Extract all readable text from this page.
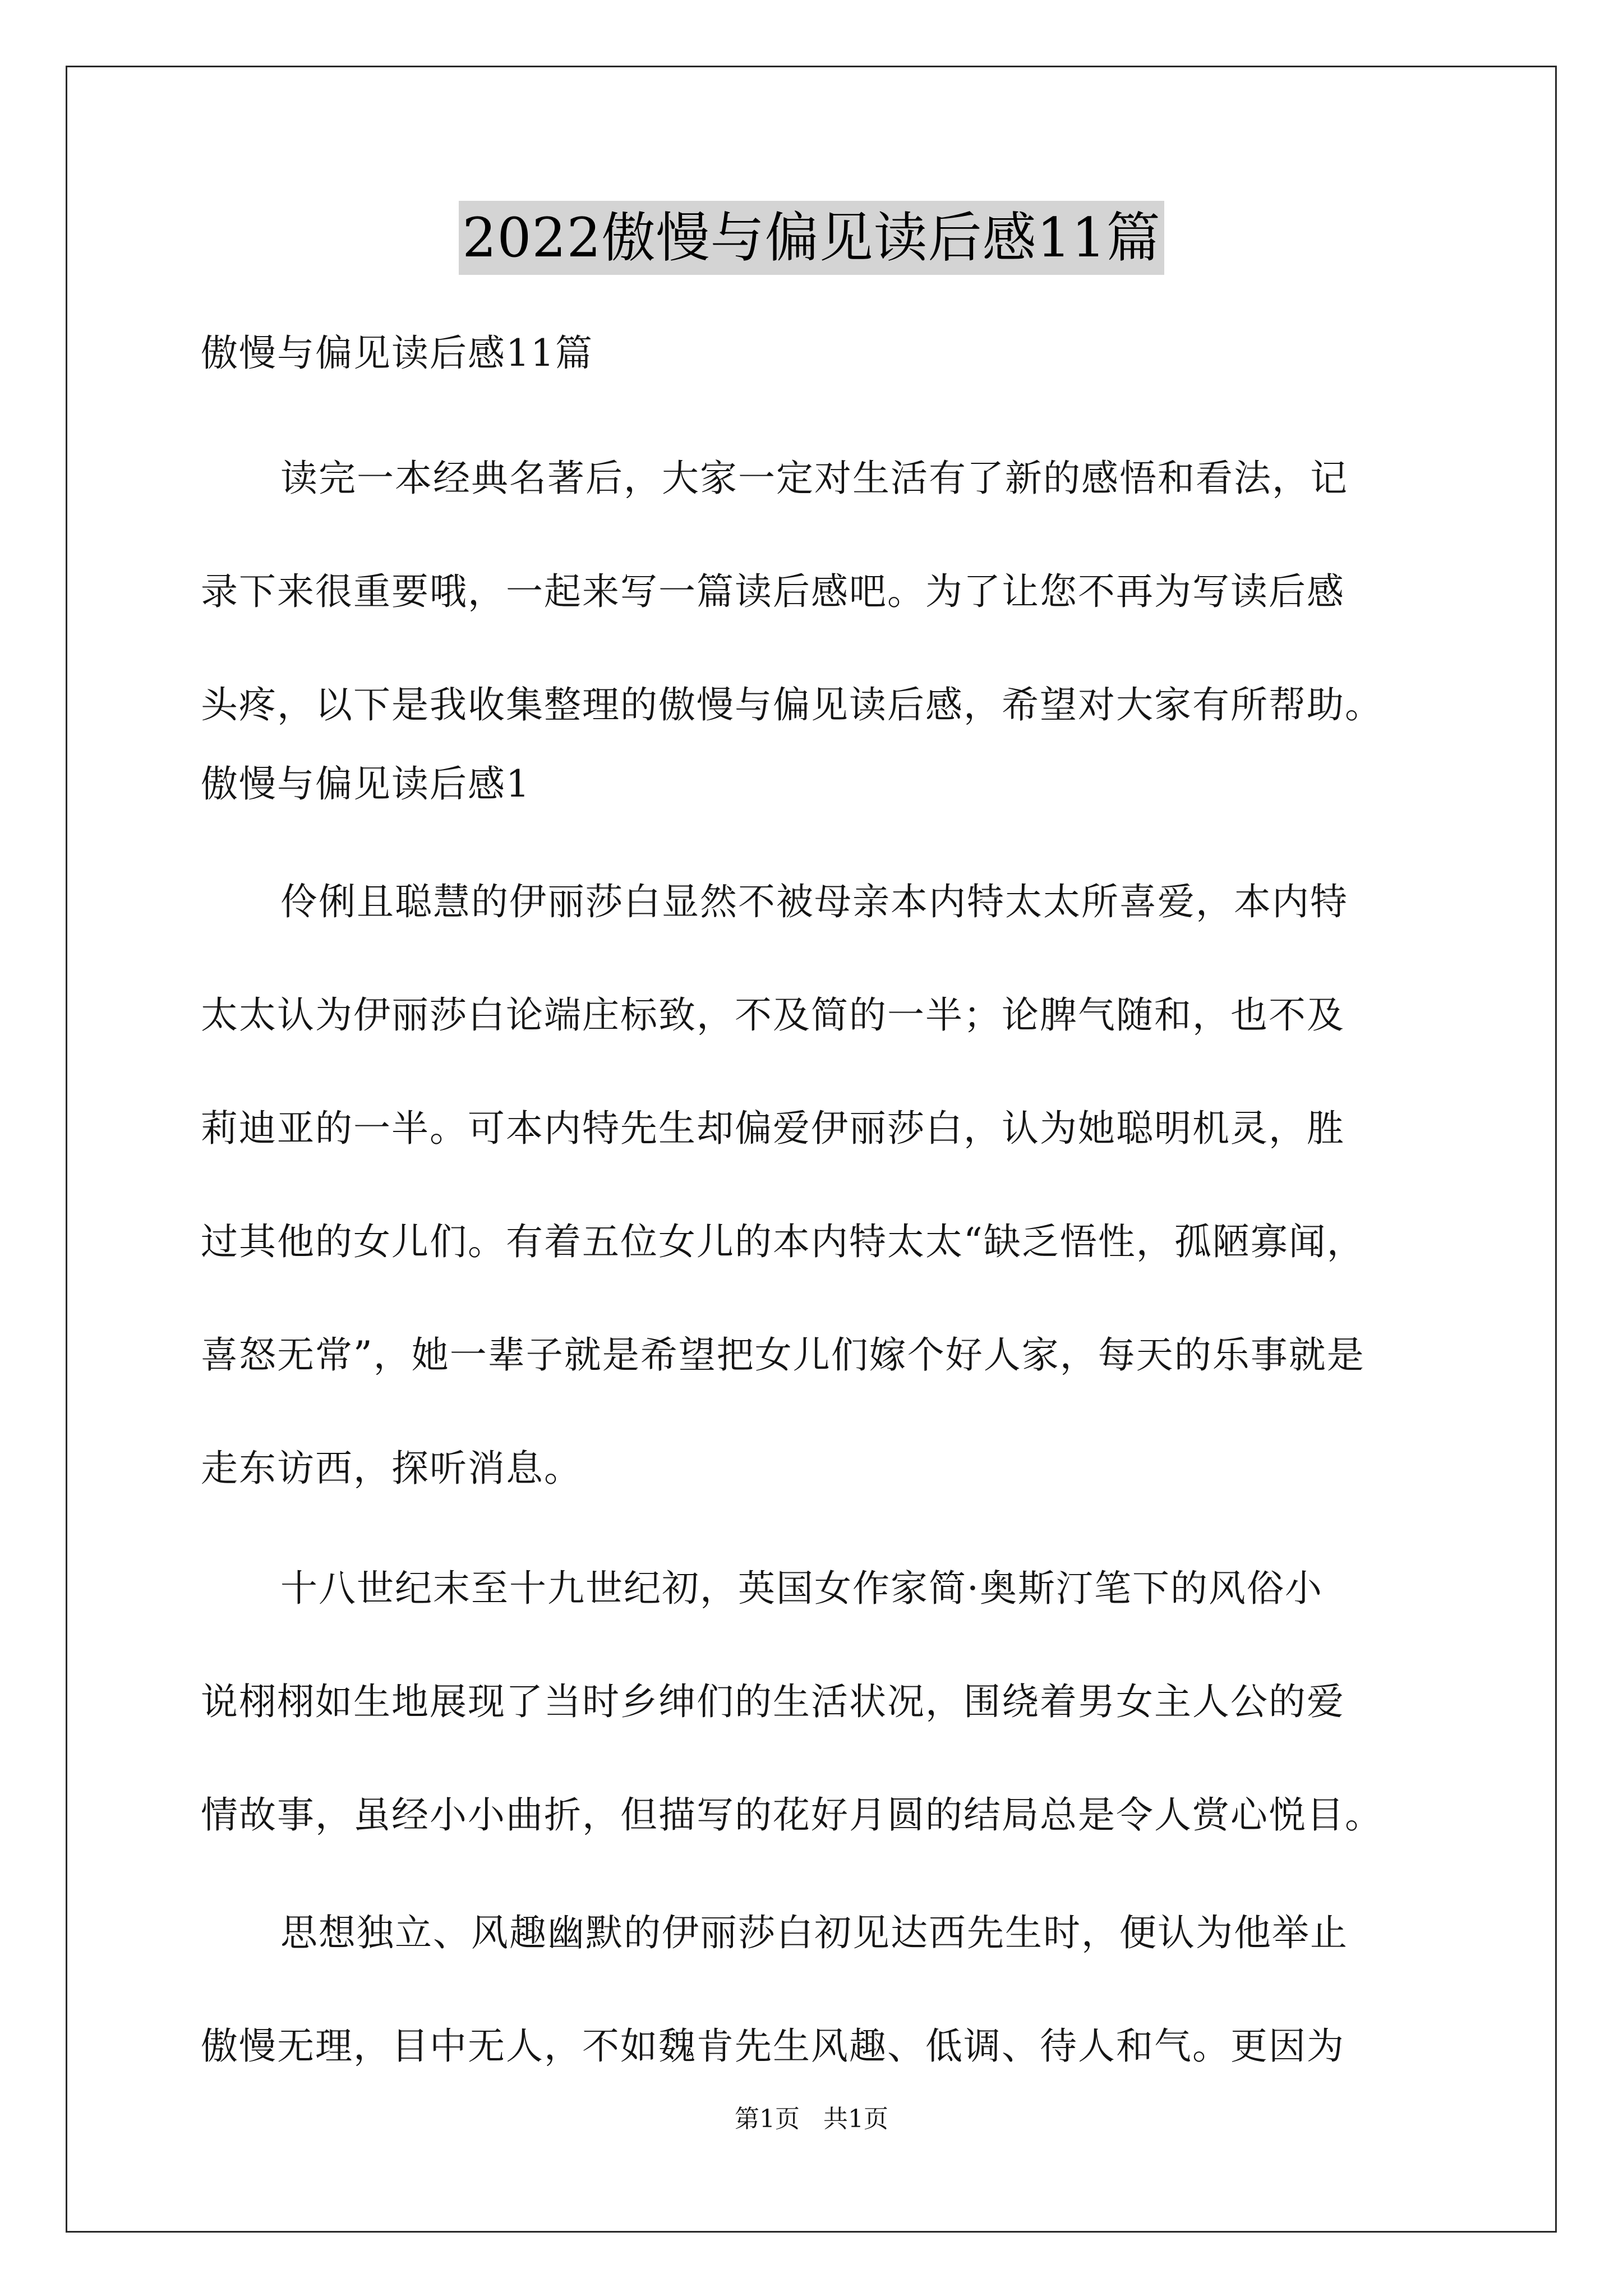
2022傲慢与偏见读后感11篇
傲慢与偏见读后感11篇
读完一本经典名著后，大家一定对生活有了新的感悟和看法，记
录下来很重要哦，一起来写一篇读后感吧。为了让您不再为写读后感
头疼，以下是我收集整理的傲慢与偏见读后感，希望对大家有所帮助。
傲慢与偏见读后感1
伶俐且聪慧的伊丽莎白显然不被母亲本内特太太所喜爱，本内特
太太认为伊丽莎白论端庄标致，不及简的一半；论脾气随和，也不及
莉迪亚的一半。可本内特先生却偏爱伊丽莎白，认为她聪明机灵，胜
过其他的女儿们。有着五位女儿的本内特太太“缺乏悟性，孤陋寡闻，
喜怒无常”，她一辈子就是希望把女儿们嫁个好人家，每天的乐事就是
走东访西，探听消息。
十八世纪末至十九世纪初，英国女作家简·奥斯汀笔下的风俗小
说栩栩如生地展现了当时乡绅们的生活状况，围绕着男女主人公的爱
情故事，虽经小小曲折，但描写的花好月圆的结局总是令人赏心悦目。
思想独立、风趣幽默的伊丽莎白初见达西先生时，便认为他举止
傲慢无理，目中无人，不如魏肯先生风趣、低调、待人和气。更因为
第1页 共1页
